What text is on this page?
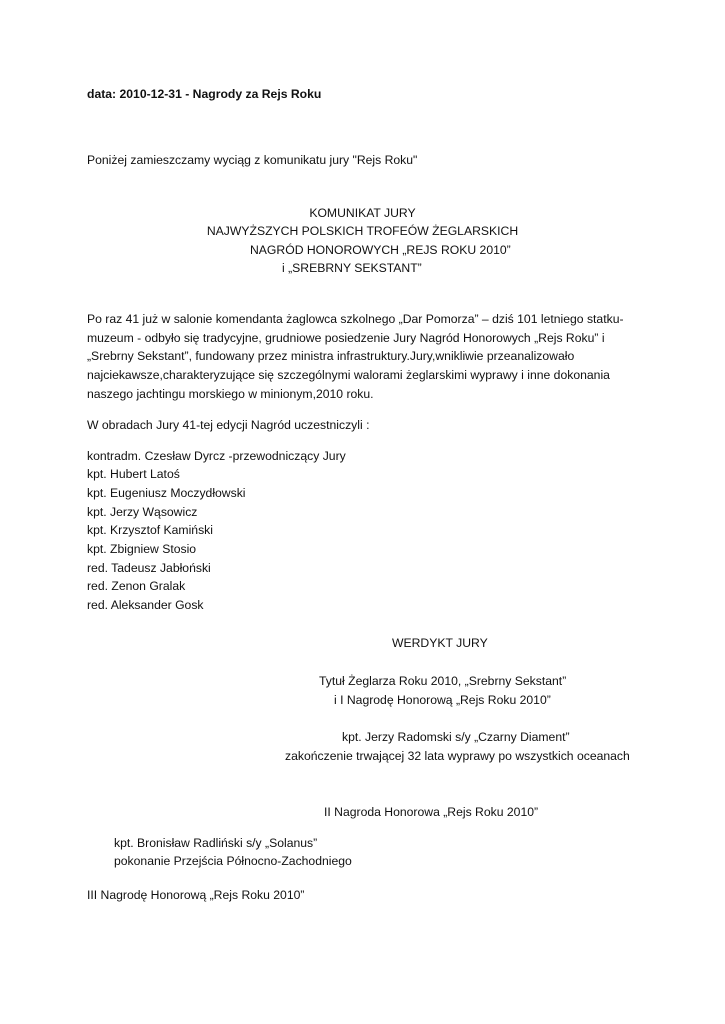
data: 2010-12-31 - Nagrody za Rejs Roku

Poniżej zamieszczamy wyciąg z komunikatu jury "Rejs Roku"

KOMUNIKAT JURY

NAJWYŻSZYCH POLSKICH TROFEÓW ŻEGLARSKICH

NAGRÓD HONOROWYCH „REJS ROKU 2010”

i „SREBRNY SEKSTANT”

Po raz 41 już w salonie komendanta żaglowca szkolnego „Dar Pomorza” – dziś 101 letniego statku-

muzeum - odbyło się tradycyjne, grudniowe posiedzenie Jury Nagród Honorowych „Rejs Roku” i

„Srebrny Sekstant”, fundowany przez ministra infrastruktury.Jury,wnikliwie przeanalizowało

najciekawsze,charakteryzujące się szczególnymi walorami żeglarskimi wyprawy i inne dokonania

naszego jachtingu morskiego w minionym,2010 roku.

W obradach Jury 41-tej edycji Nagród uczestniczyli :

kontradm. Czesław Dyrcz -przewodniczący Jury

kpt. Hubert Latoś

kpt. Eugeniusz Moczydłowski

kpt. Jerzy Wąsowicz

kpt. Krzysztof Kamiński

kpt. Zbigniew Stosio

red. Tadeusz Jabłoński

red. Zenon Gralak

red. Aleksander Gosk

WERDYKT JURY

Tytuł Żeglarza Roku 2010, „Srebrny Sekstant”

i I Nagrodę Honorową „Rejs Roku 2010”

kpt. Jerzy Radomski s/y „Czarny Diament”

zakończenie trwającej 32 lata wyprawy po wszystkich oceanach

II Nagroda Honorowa „Rejs Roku 2010”

kpt. Bronisław Radliński s/y „Solanus”

pokonanie Przejścia Północno-Zachodniego

III Nagrodę Honorową „Rejs Roku 2010”
